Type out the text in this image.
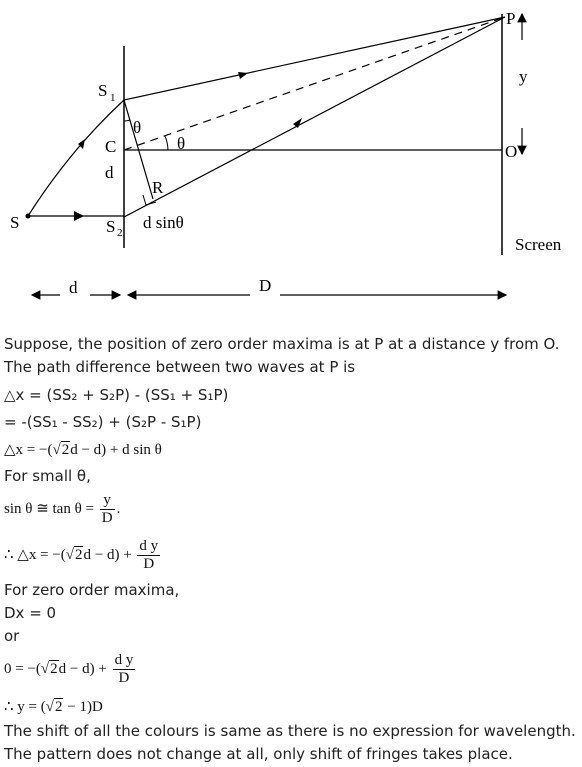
P
y
S 1
θ
C	θ	O
d
R
S	S 2
d sinθ
Screen
d	D
Suppose, the position of zero order maxima is at P at a distance y from O. The path difference between two waves at P is
△x = (SS₂ + S₂P) - (SS₁ + S₁P)
= -(SS₁ - SS₂) + (S₂P - S₁P)
△x = −(√2d − d) + d sin θ
For small θ,
sin θ ≅ $\tan \theta = \frac{y}{D}$ .
∴ △x = $-(√2d - d) + \frac{\text{d y}}{D}$
For zero order maxima,
Dx = 0
or
$0 = -(√2d - d) + \frac{\text{d y}}{D}$
∴ y = (√2 − 1)D
The shift of all the colours is same as there is no expression for wavelength.
The pattern does not change at all, only shift of fringes takes place.
